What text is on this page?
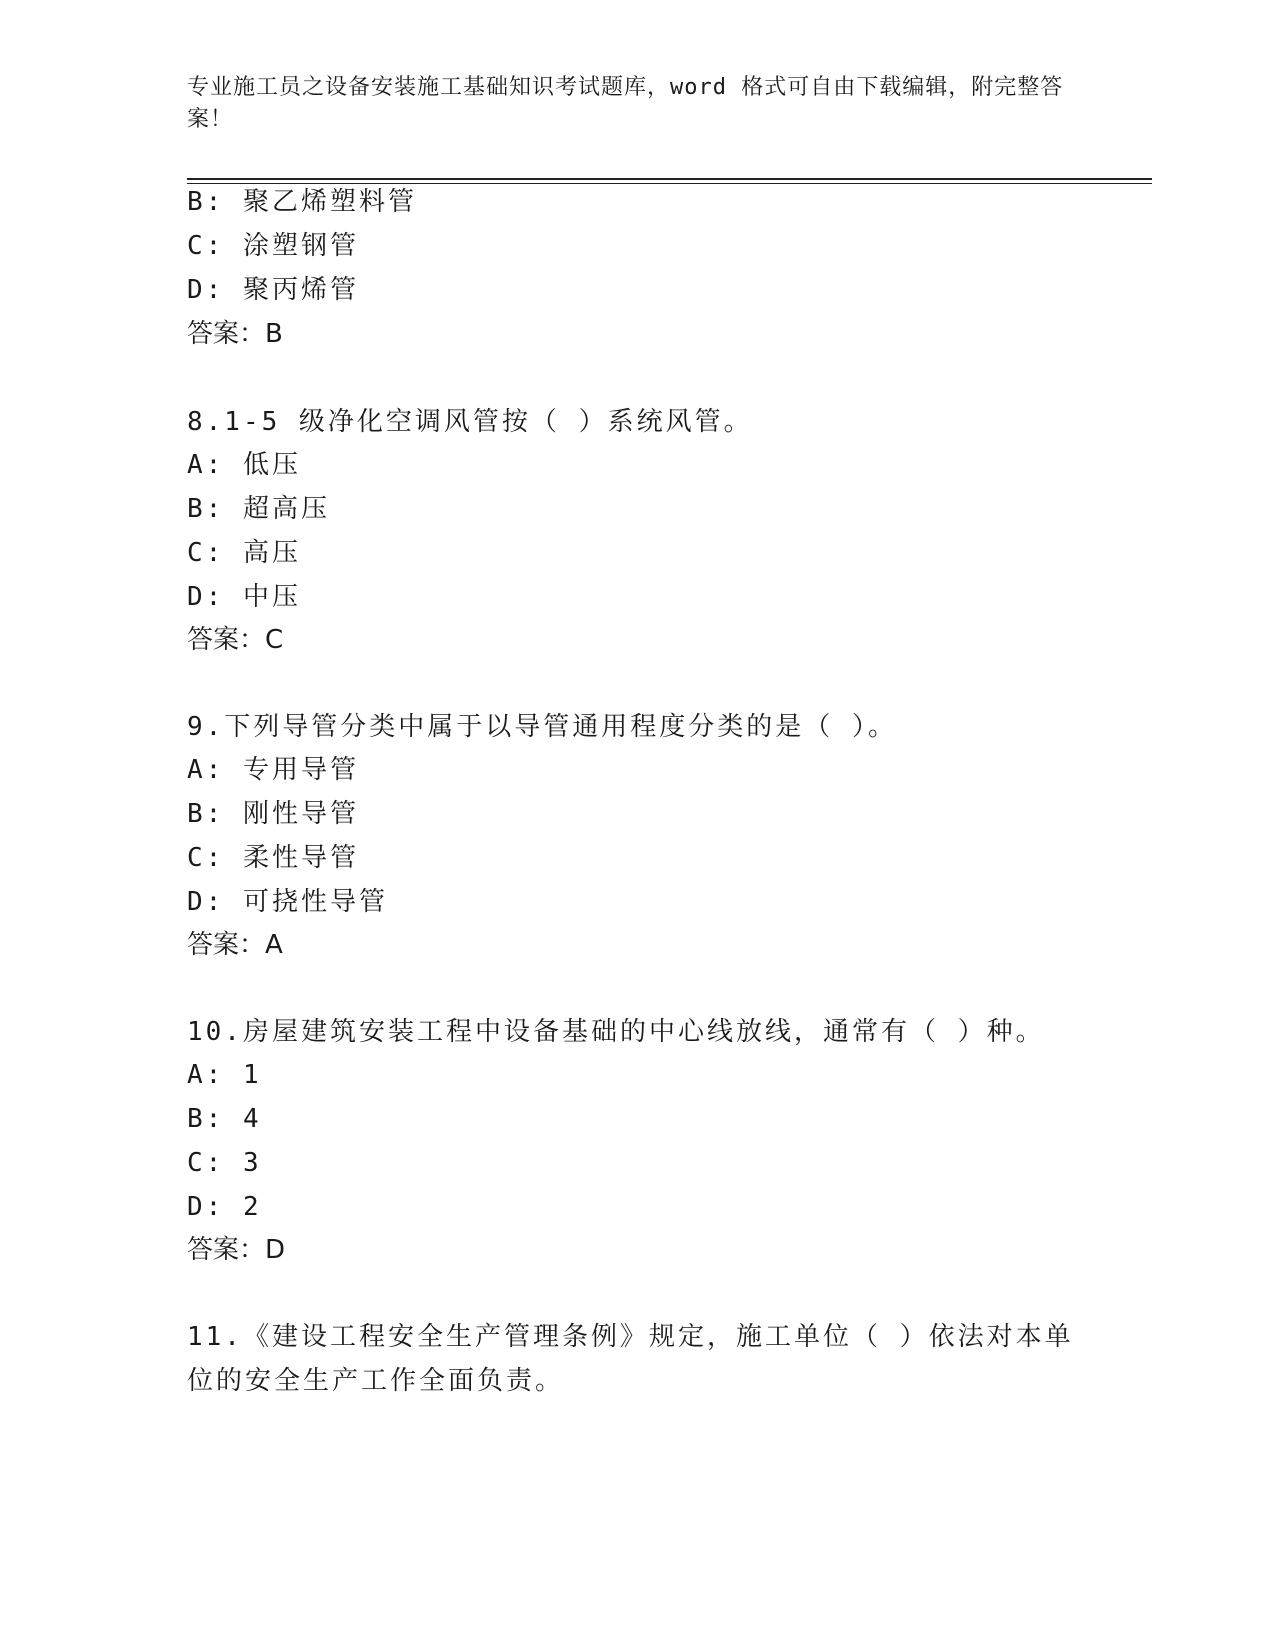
专业施工员之设备安装施工基础知识考试题库，word 格式可自由下载编辑，附完整答案！
B: 聚乙烯塑料管
C: 涂塑钢管
D: 聚丙烯管
答案：B
8.1-5 级净化空调风管按（ ）系统风管。
A: 低压
B: 超高压
C: 高压
D: 中压
答案：C
9.下列导管分类中属于以导管通用程度分类的是（ ）。
A: 专用导管
B: 刚性导管
C: 柔性导管
D: 可挠性导管
答案：A
10.房屋建筑安装工程中设备基础的中心线放线，通常有（ ）种。
A: 1
B: 4
C: 3
D: 2
答案：D
11.《建设工程安全生产管理条例》规定，施工单位（ ）依法对本单
位的安全生产工作全面负责。
